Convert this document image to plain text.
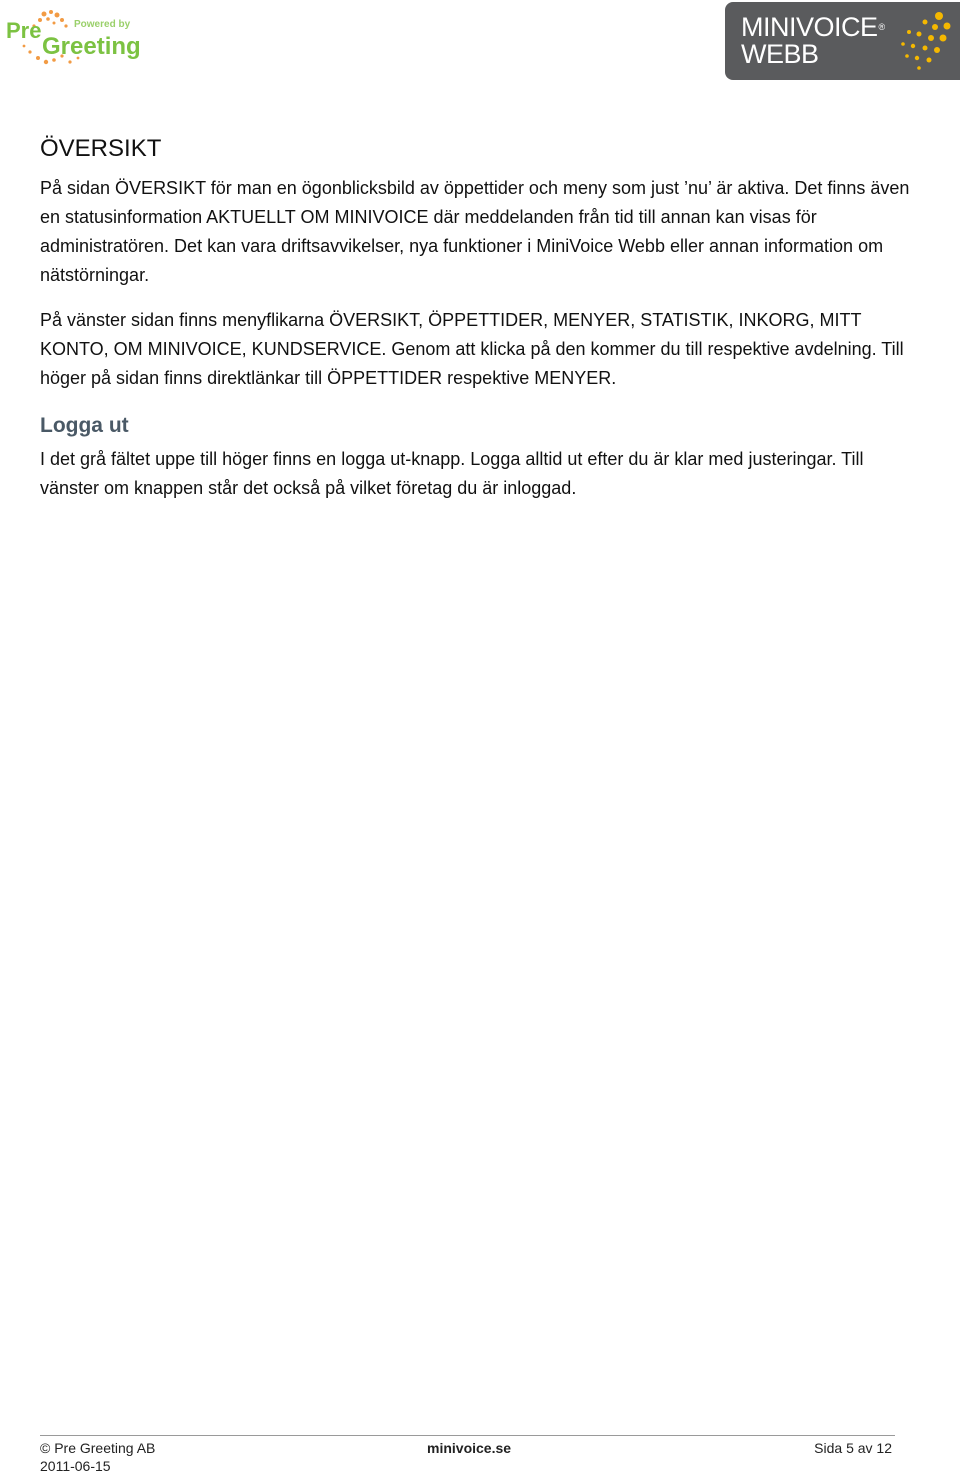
Powered by
Pre
Greeting
MINIVOICE®
WEBB
ÖVERSIKT

På sidan ÖVERSIKT för man en ögonblicksbild av öppettider och meny som just ’nu’ är aktiva. Det finns även en statusinformation AKTUELLT OM MINIVOICE där meddelanden från tid till annan kan visas för administratören. Det kan vara driftsavvikelser, nya funktioner i MiniVoice Webb eller annan information om nätstörningar.

På vänster sidan finns menyflikarna ÖVERSIKT, ÖPPETTIDER, MENYER, STATISTIK, INKORG, MITT KONTO, OM MINIVOICE, KUNDSERVICE. Genom att klicka på den kommer du till respektive avdelning. Till höger på sidan finns direktlänkar till ÖPPETTIDER respektive MENYER.

Logga ut

I det grå fältet uppe till höger finns en logga ut-knapp. Logga alltid ut efter du är klar med justeringar. Till vänster om knappen står det också på vilket företag du är inloggad.

© Pre Greeting AB
2011-06-15
minivoice.se	Sida 5 av 12
